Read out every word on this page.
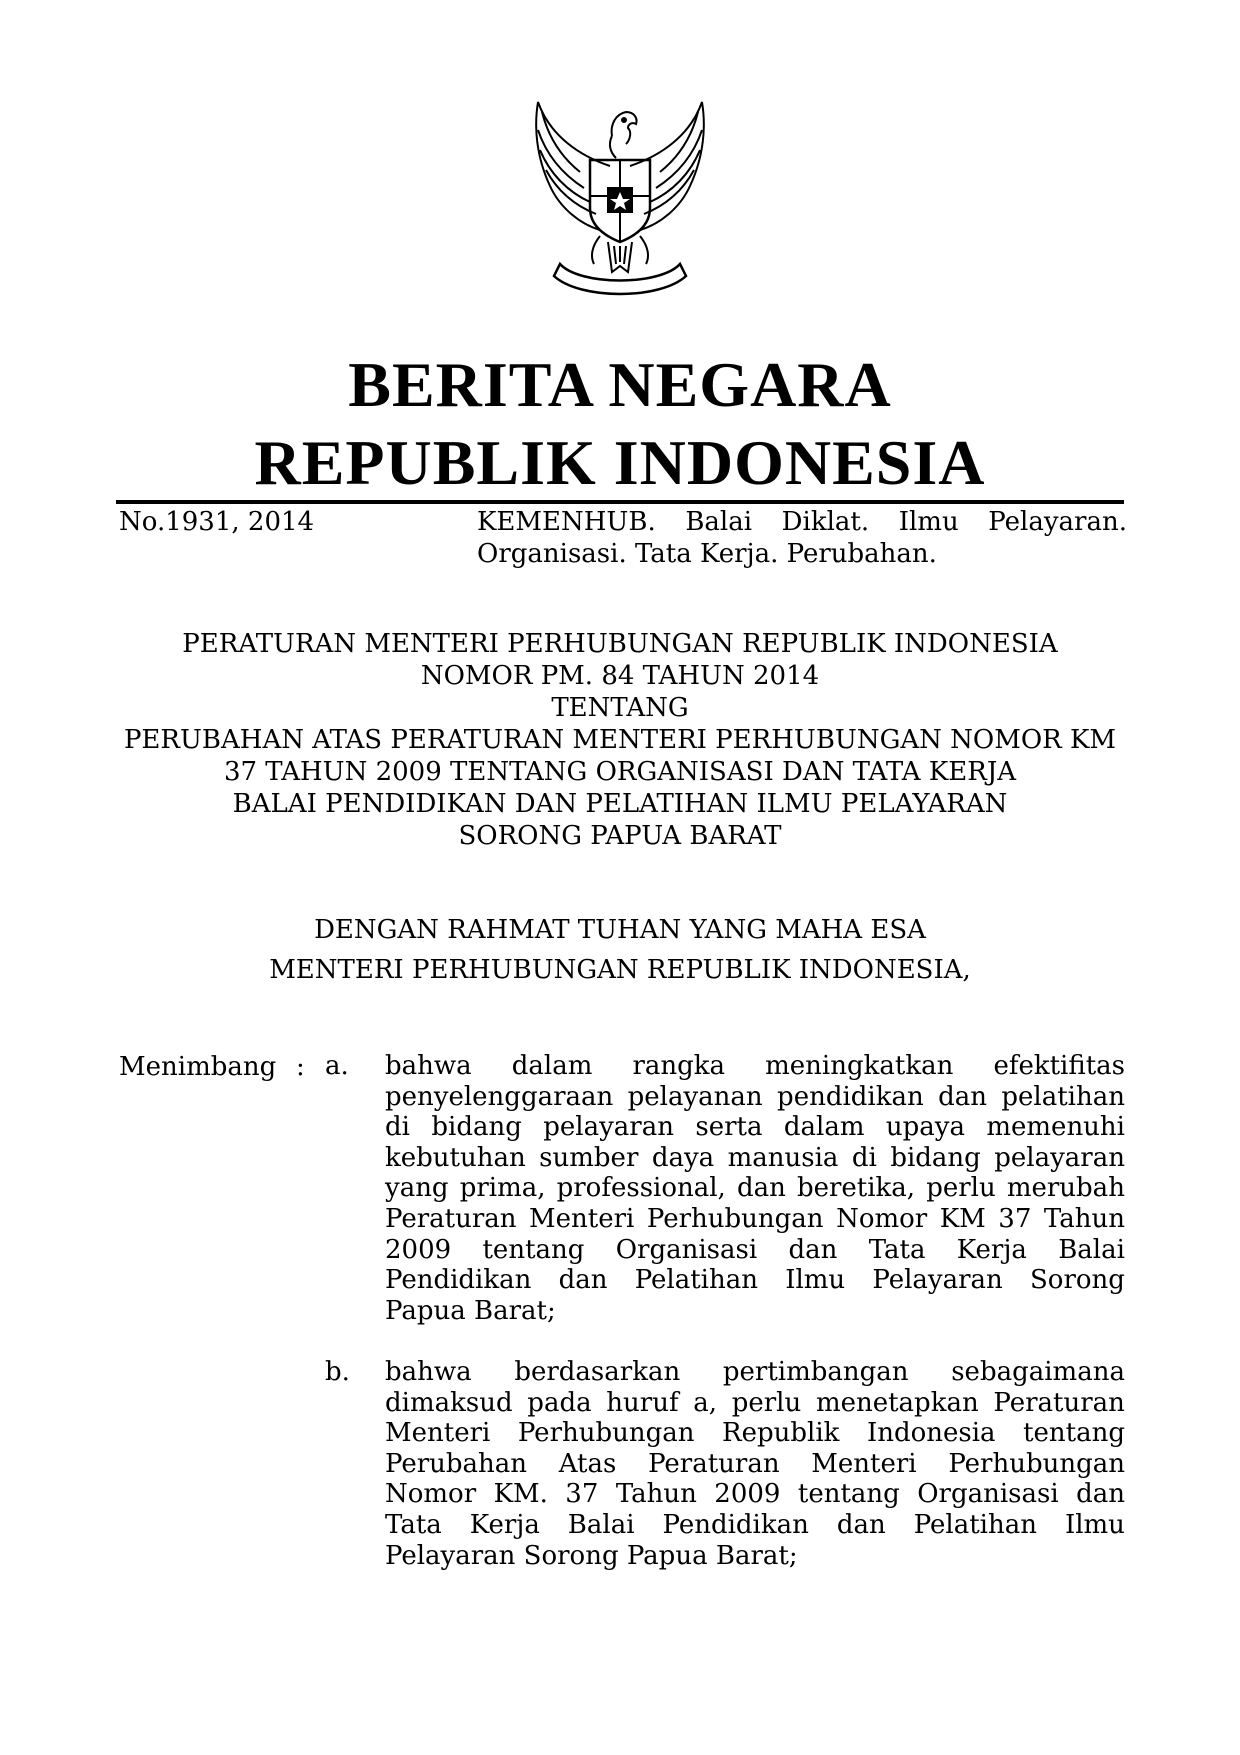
BERITA NEGARA
REPUBLIK INDONESIA
No.1931, 2014	KEMENHUB. Balai Diklat. Ilmu Pelayaran.
Organisasi. Tata Kerja. Perubahan.
PERATURAN MENTERI PERHUBUNGAN REPUBLIK INDONESIA
NOMOR PM. 84 TAHUN 2014
TENTANG
PERUBAHAN ATAS PERATURAN MENTERI PERHUBUNGAN NOMOR KM
37 TAHUN 2009 TENTANG ORGANISASI DAN TATA KERJA
BALAI PENDIDIKAN DAN PELATIHAN ILMU PELAYARAN
SORONG PAPUA BARAT
DENGAN RAHMAT TUHAN YANG MAHA ESA
MENTERI PERHUBUNGAN REPUBLIK INDONESIA,
Menimbang : a. bahwa dalam rangka meningkatkan efektifitas
penyelenggaraan pelayanan pendidikan dan pelatihan
di bidang pelayaran serta dalam upaya memenuhi
kebutuhan sumber daya manusia di bidang pelayaran
yang prima, professional, dan beretika, perlu merubah
Peraturan Menteri Perhubungan Nomor KM 37 Tahun
2009 tentang Organisasi dan Tata Kerja Balai
Pendidikan dan Pelatihan Ilmu Pelayaran Sorong
Papua Barat;
b. bahwa berdasarkan pertimbangan sebagaimana
dimaksud pada huruf a, perlu menetapkan Peraturan
Menteri Perhubungan Republik Indonesia tentang
Perubahan Atas Peraturan Menteri Perhubungan
Nomor KM. 37 Tahun 2009 tentang Organisasi dan
Tata Kerja Balai Pendidikan dan Pelatihan Ilmu
Pelayaran Sorong Papua Barat;
